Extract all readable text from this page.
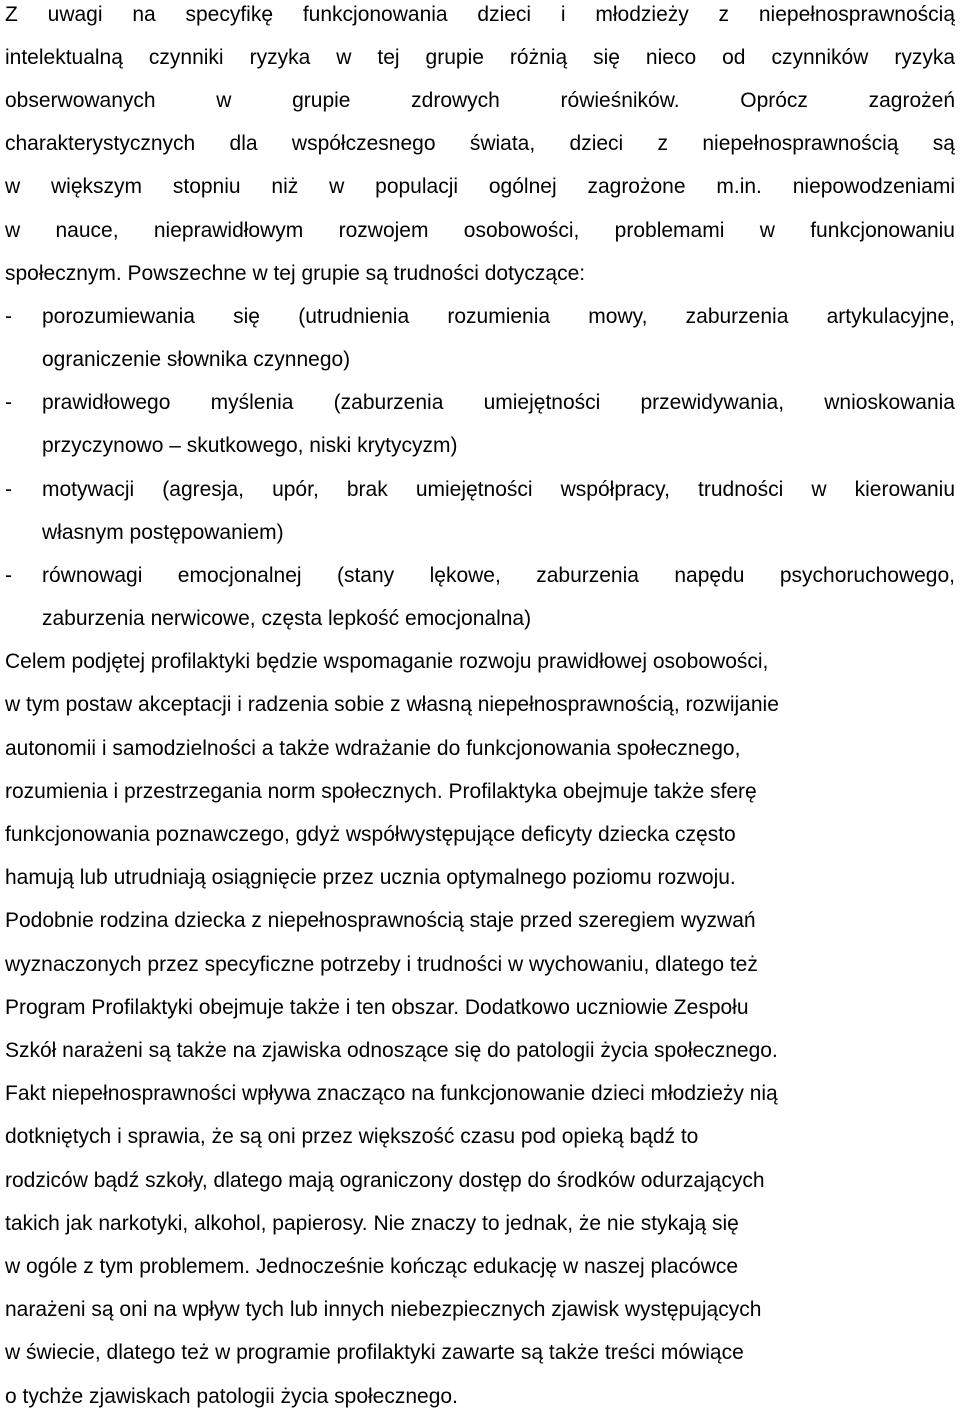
Z uwagi na specyfikę funkcjonowania dzieci i młodzieży z niepełnosprawnością
intelektualną czynniki ryzyka w tej grupie różnią się nieco od czynników ryzyka
obserwowanych w grupie zdrowych rówieśników. Oprócz zagrożeń
charakterystycznych dla współczesnego świata, dzieci z niepełnosprawnością są
w większym stopniu niż w populacji ogólnej zagrożone m.in. niepowodzeniami
w nauce, nieprawidłowym rozwojem osobowości, problemami w funkcjonowaniu
społecznym. Powszechne w tej grupie są trudności dotyczące:
- porozumiewania się (utrudnienia rozumienia mowy, zaburzenia artykulacyjne,
ograniczenie słownika czynnego)
- prawidłowego myślenia (zaburzenia umiejętności przewidywania, wnioskowania
przyczynowo – skutkowego, niski krytycyzm)
- motywacji (agresja, upór, brak umiejętności współpracy, trudności w kierowaniu
własnym postępowaniem)
- równowagi emocjonalnej (stany lękowe, zaburzenia napędu psychoruchowego,
zaburzenia nerwicowe, częsta lepkość emocjonalna)
Celem podjętej profilaktyki będzie wspomaganie rozwoju prawidłowej osobowości,
w tym postaw akceptacji i radzenia sobie z własną niepełnosprawnością, rozwijanie
autonomii i samodzielności a także wdrażanie do funkcjonowania społecznego,
rozumienia i przestrzegania norm społecznych. Profilaktyka obejmuje także sferę
funkcjonowania poznawczego, gdyż współwystępujące deficyty dziecka często
hamują lub utrudniają osiągnięcie przez ucznia optymalnego poziomu rozwoju.
Podobnie rodzina dziecka z niepełnosprawnością staje przed szeregiem wyzwań
wyznaczonych przez specyficzne potrzeby i trudności w wychowaniu, dlatego też
Program Profilaktyki obejmuje także i ten obszar. Dodatkowo uczniowie Zespołu
Szkół narażeni są także na zjawiska odnoszące się do patologii życia społecznego.
Fakt niepełnosprawności wpływa znacząco na funkcjonowanie dzieci młodzieży nią
dotkniętych i sprawia, że są oni przez większość czasu pod opieką bądź to
rodziców bądź szkoły, dlatego mają ograniczony dostęp do środków odurzających
takich jak narkotyki, alkohol, papierosy. Nie znaczy to jednak, że nie stykają się
w ogóle z tym problemem. Jednocześnie kończąc edukację w naszej placówce
narażeni są oni na wpływ tych lub innych niebezpiecznych zjawisk występujących
w świecie, dlatego też w programie profilaktyki zawarte są także treści mówiące
o tychże zjawiskach patologii życia społecznego.
